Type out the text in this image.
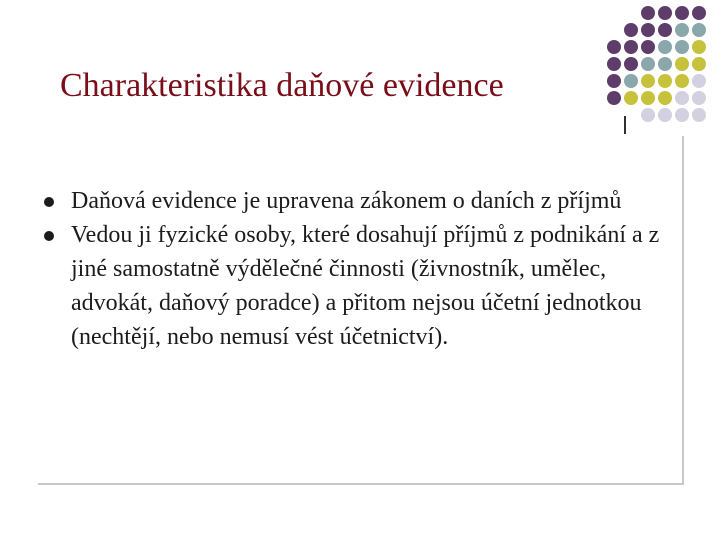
Charakteristika daňové evidence
Daňová evidence je upravena zákonem o daních z příjmů
Vedou ji fyzické osoby, které dosahují příjmů z podnikání a z jiné samostatně výdělečné činnosti (živnostník, umělec, advokát, daňový poradce) a přitom nejsou účetní jednotkou (nechtějí, nebo nemusí vést účetnictví).
